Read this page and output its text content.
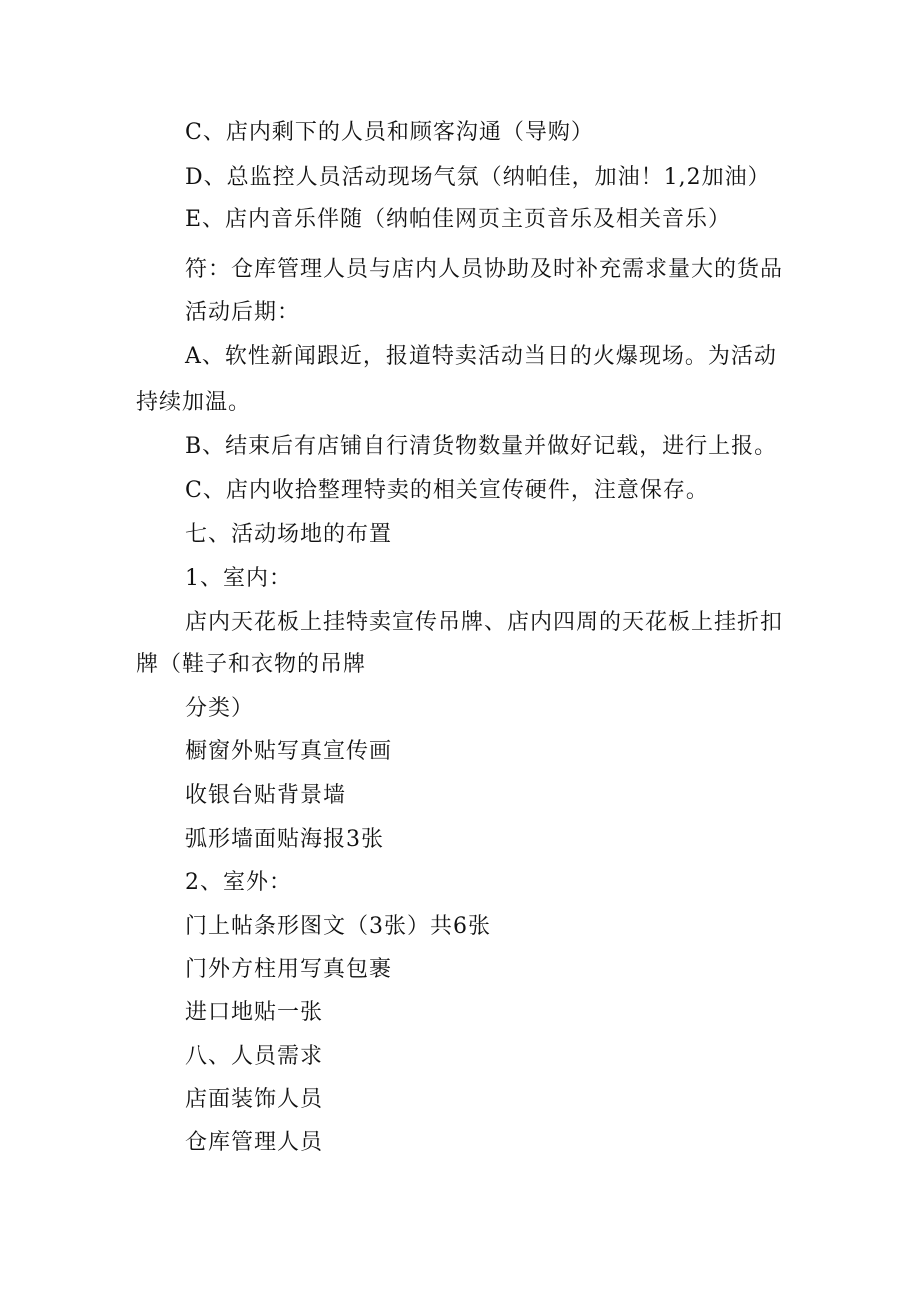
C、店内剩下的人员和顾客沟通（导购）
D、总监控人员活动现场气氛（纳帕佳，加油！1,2加油）
E、店内音乐伴随（纳帕佳网页主页音乐及相关音乐）
符：仓库管理人员与店内人员协助及时补充需求量大的货品
活动后期：
A、软性新闻跟近，报道特卖活动当日的火爆现场。为活动
持续加温。
B、结束后有店铺自行清货物数量并做好记载，进行上报。
C、店内收拾整理特卖的相关宣传硬件，注意保存。
七、活动场地的布置
1、室内：
店内天花板上挂特卖宣传吊牌、店内四周的天花板上挂折扣
牌（鞋子和衣物的吊牌
分类）
橱窗外贴写真宣传画
收银台贴背景墙
弧形墙面贴海报3张
2、室外：
门上帖条形图文（3张）共6张
门外方柱用写真包裹
进口地贴一张
八、人员需求
店面装饰人员
仓库管理人员
